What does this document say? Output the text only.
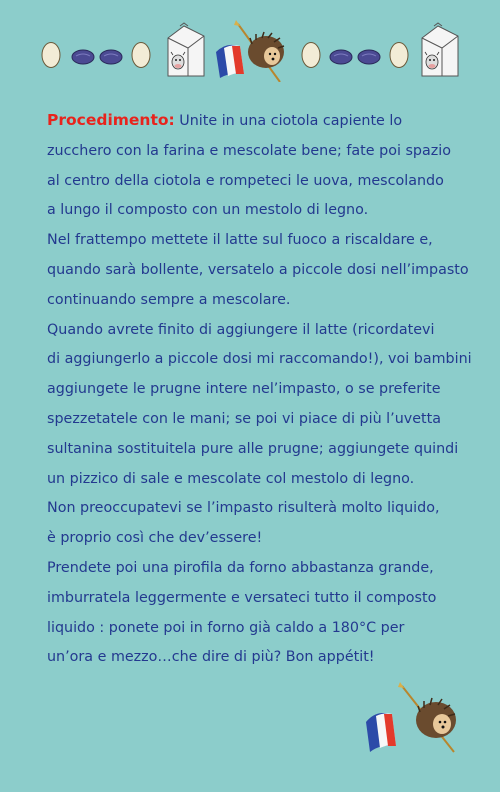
Procedimento: Unite in una ciotola capiente lo
zucchero con la farina e mescolate bene; fate poi spazio
al centro della ciotola e rompeteci le uova, mescolando
a lungo il composto con un mestolo di legno.
Nel frattempo mettete il latte sul fuoco a riscaldare e,
quando sarà bollente, versatelo a piccole dosi nell’impasto
continuando sempre a mescolare.
Quando avrete finito di aggiungere il latte (ricordatevi
di aggiungerlo a piccole dosi mi raccomando!), voi bambini
aggiungete le prugne intere nel’impasto, o se preferite
spezzetatele con le mani; se poi vi piace di più l’uvetta
sultanina sostituitela pure alle prugne; aggiungete quindi
un pizzico di sale e mescolate col mestolo di legno.
Non preoccupatevi se l’impasto risulterà molto liquido,
è proprio così che dev’essere!
Prendete poi una pirofila da forno abbastanza grande,
imburratela leggermente e versateci tutto il composto
liquido : ponete poi in forno già caldo a 180°C per
un’ora e mezzo…che dire di più? Bon appétit!
